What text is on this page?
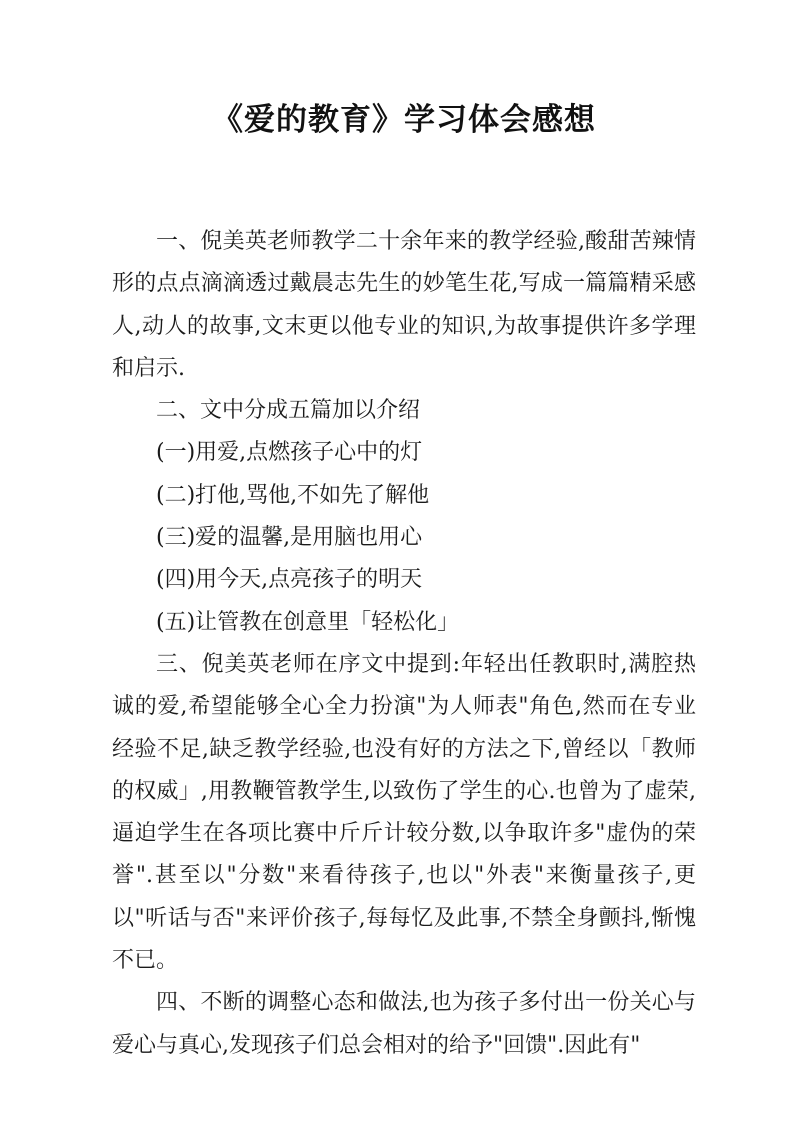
《爱的教育》学习体会感想

一、倪美英老师教学二十余年来的教学经验,酸甜苦辣情形的点点滴滴透过戴晨志先生的妙笔生花,写成一篇篇精采感人,动人的故事,文末更以他专业的知识,为故事提供许多学理和启示.

二、文中分成五篇加以介绍

(一)用爱,点燃孩子心中的灯

(二)打他,骂他,不如先了解他

(三)爱的温馨,是用脑也用心

(四)用今天,点亮孩子的明天

(五)让管教在创意里「轻松化」

三、倪美英老师在序文中提到:年轻出任教职时,满腔热诚的爱,希望能够全心全力扮演"为人师表"角色,然而在专业经验不足,缺乏教学经验,也没有好的方法之下,曾经以「教师的权威」,用教鞭管教学生,以致伤了学生的心.也曾为了虚荣,逼迫学生在各项比赛中斤斤计较分数,以争取许多"虚伪的荣誉".甚至以"分数"来看待孩子,也以"外表"来衡量孩子,更以"听话与否"来评价孩子,每每忆及此事,不禁全身颤抖,惭愧不已。

四、不断的调整心态和做法,也为孩子多付出一份关心与爱心与真心,发现孩子们总会相对的给予"回馈".因此有"
